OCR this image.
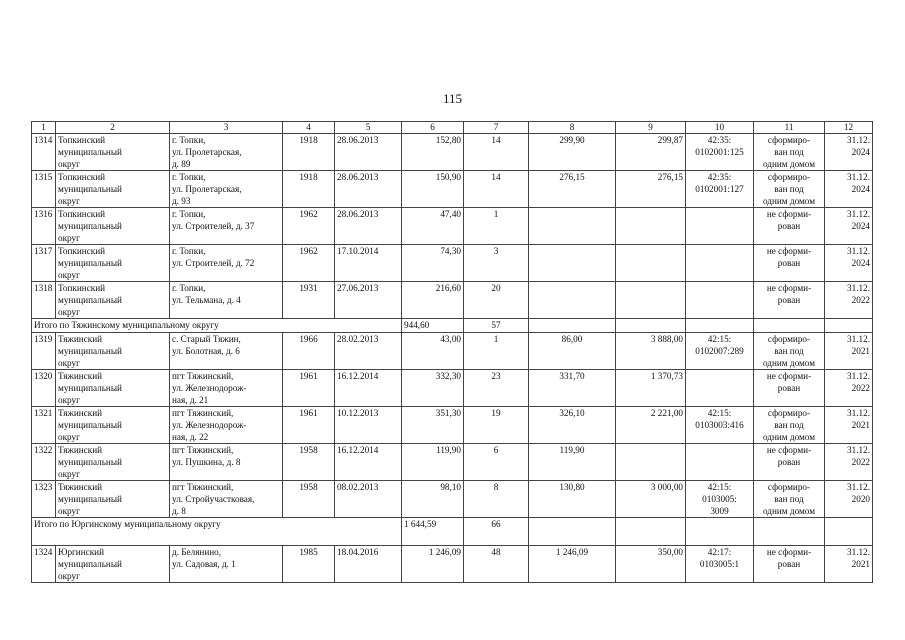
115
1	2	3	4	5	6	7	8	9	10	11	12
1314	Топкинский
муниципальный
округ	г. Топки,
ул. Пролетарская,
д. 89	1918	28.06.2013	152,80	14	299,90	299,87	42:35:
0102001:125	сформиро-
ван под
одним домом	31.12.
2024
1315	Топкинский
муниципальный
округ	г. Топки,
ул. Пролетарская,
д. 93	1918	28.06.2013	150,90	14	276,15	276,15	42:35:
0102001:127	сформиро-
ван под
одним домом	31.12.
2024
1316	Топкинский
муниципальный
округ	г. Топки,
ул. Строителей, д. 37	1962	28.06.2013	47,40	1				не сформи-
рован	31.12.
2024
1317	Топкинский
муниципальный
округ	г. Топки,
ул. Строителей, д. 72	1962	17.10.2014	74,30	3				не сформи-
рован	31.12.
2024
1318	Топкинский
муниципальный
округ	г. Топки,
ул. Тельмана, д. 4	1931	27.06.2013	216,60	20				не сформи-
рован	31.12.
2022
Итого по Тяжинскому муниципальному округу					944,60	57					
1319	Тяжинский
муниципальный
округ	с. Старый Тяжин,
ул. Болотная, д. 6	1966	28.02.2013	43,00	1	86,00	3 888,00	42:15:
0102007:289	сформиро-
ван под
одним домом	31.12.
2021
1320	Тяжинский
муниципальный
округ	пгт Тяжинский,
ул. Железнодорож-
ная, д. 21	1961	16.12.2014	332,30	23	331,70	1 370,73		не сформи-
рован	31.12.
2022
1321	Тяжинский
муниципальный
округ	пгт Тяжинский,
ул. Железнодорож-
ная, д. 22	1961	10.12.2013	351,30	19	326,10	2 221,00	42:15:
0103003:416	сформиро-
ван под
одним домом	31.12.
2021
1322	Тяжинский
муниципальный
округ	пгт Тяжинский,
ул. Пушкина, д. 8	1958	16.12.2014	119,90	6	119,90			не сформи-
рован	31.12.
2022
1323	Тяжинский
муниципальный
округ	пгт Тяжинский,
ул. Стройучастковая,
д. 8	1958	08.02.2013	98,10	8	130,80	3 000,00	42:15:
0103005:
3009	сформиро-
ван под
одним домом	31.12.
2020
Итого по Юргинскому муниципальному округу					1 644,59	66					
1324	Юргинский
муниципальный
округ	д. Белянино,
ул. Садовая, д. 1	1985	18.04.2016	1 246,09	48	1 246,09	350,00	42:17:
0103005:1	не сформи-
рован	31.12.
2021
